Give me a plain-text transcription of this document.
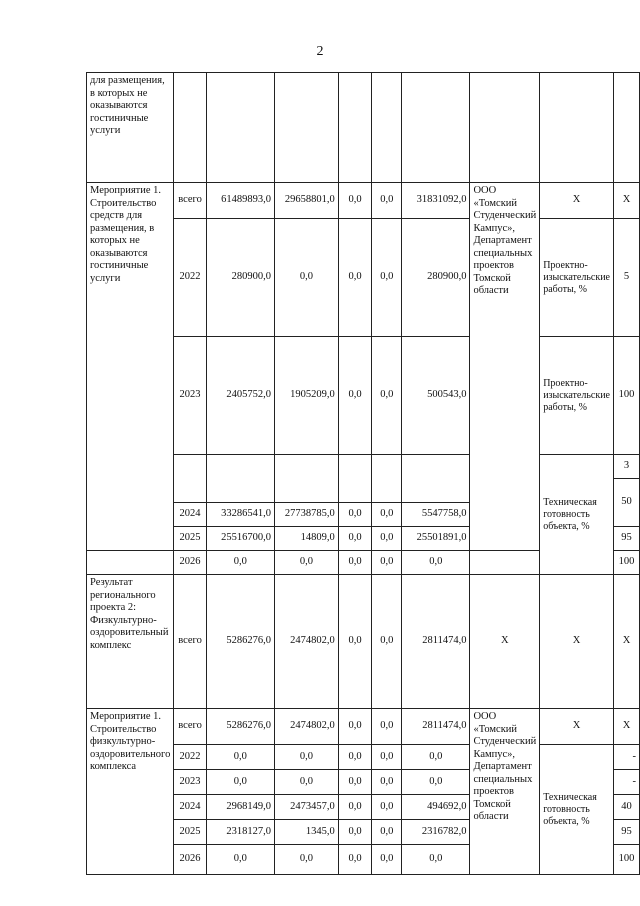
2
для размещения, в которых не оказываются гостиничные услуги									
Мероприятие 1. Строительство средств для размещения, в которых не оказываются гостиничные услуги	всего	61489893,0	29658801,0	0,0	0,0	31831092,0	ООО «Томский Студенческий Кампус», Департамент специальных проектов Томской области	X	X
	2022	280900,0	0,0	0,0	0,0	280900,0		Проектно-изыскательские работы, %	5
	2023	2405752,0	1905209,0	0,0	0,0	500543,0		Проектно-изыскательские работы, %	100
								Техническая готовность объекта, %	3
									50
	2024	33286541,0	27738785,0	0,0	0,0	5547758,0			
	2025	25516700,0	14809,0	0,0	0,0	25501891,0			95
	2026	0,0	0,0	0,0	0,0	0,0			100
Результат регионального проекта 2: Физкультурно-оздоровительный комплекс	всего	5286276,0	2474802,0	0,0	0,0	2811474,0	X	X	X
Мероприятие 1. Строительство физкультурно-оздоровительного комплекса	всего	5286276,0	2474802,0	0,0	0,0	2811474,0	ООО «Томский Студенческий Кампус», Департамент специальных проектов Томской области	X	X
	2022	0,0	0,0	0,0	0,0	0,0		Техническая готовность объекта, %	-
	2023	0,0	0,0	0,0	0,0	0,0			-
	2024	2968149,0	2473457,0	0,0	0,0	494692,0			40
	2025	2318127,0	1345,0	0,0	0,0	2316782,0			95
	2026	0,0	0,0	0,0	0,0	0,0			100
